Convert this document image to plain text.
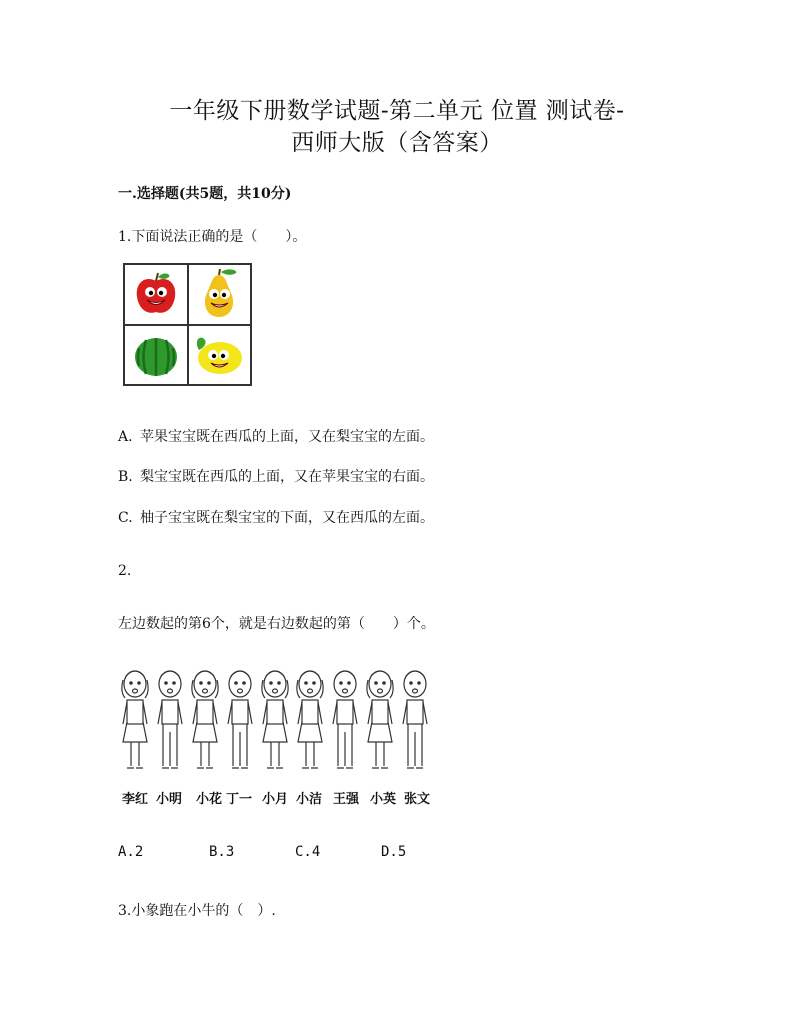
一年级下册数学试题-第二单元 位置 测试卷-
西师大版（含答案）
一.选择题(共5题，共10分)
1.下面说法正确的是（　　）。
A. 苹果宝宝既在西瓜的上面，又在梨宝宝的左面。
B. 梨宝宝既在西瓜的上面，又在苹果宝宝的右面。
C. 柚子宝宝既在梨宝宝的下面，又在西瓜的左面。
2.
左边数起的第6个，就是右边数起的第（　　）个。
李红 小明 小花 丁一 小月 小洁 王强 小英 张文
A.2	B.3	C.4	D.5
3.小象跑在小牛的（　）.
